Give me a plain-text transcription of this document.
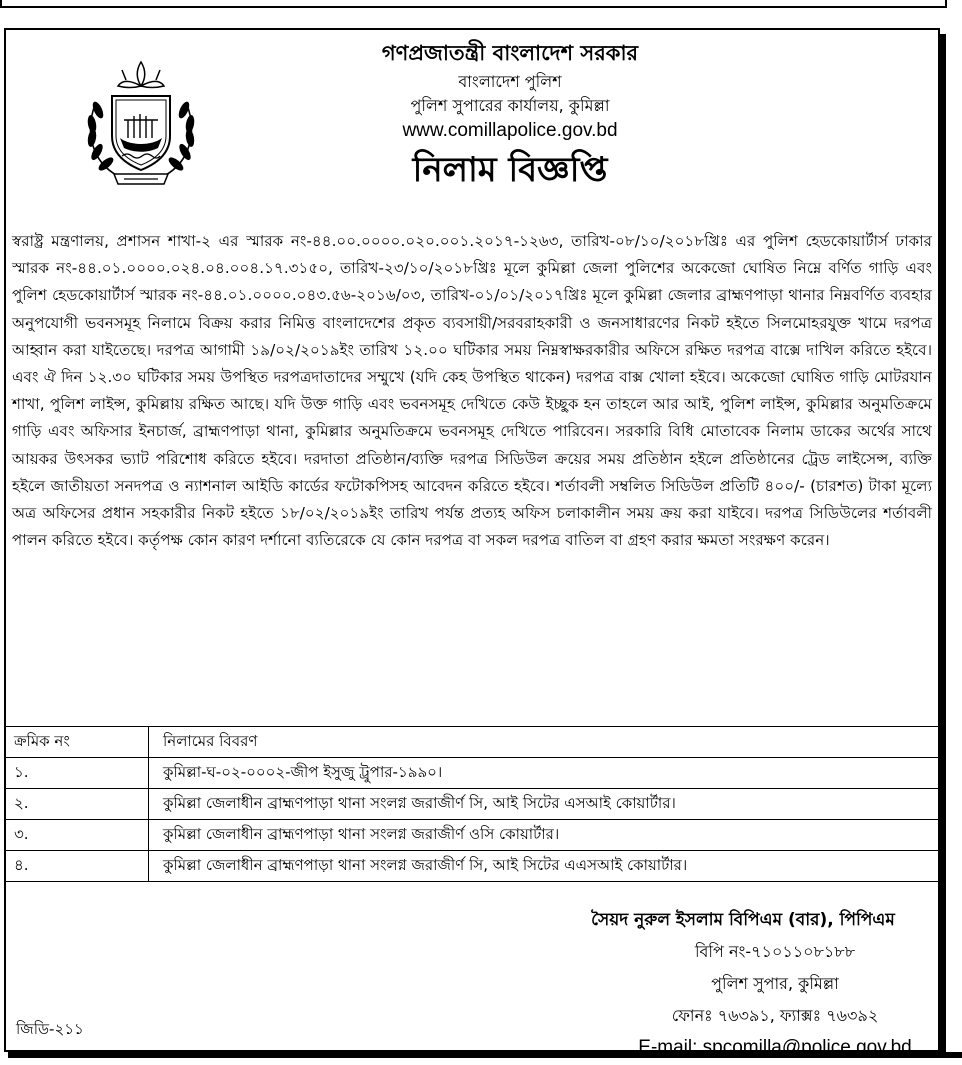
গণপ্রজাতন্ত্রী বাংলাদেশ সরকার
বাংলাদেশ পুলিশ
পুলিশ সুপারের কার্যালয়, কুমিল্লা
www.comillapolice.gov.bd
নিলাম বিজ্ঞপ্তি
স্বরাষ্ট্র মন্ত্রণালয়, প্রশাসন শাখা-২ এর স্মারক নং-৪৪.০০.০০০০.০২০.০০১.২০১৭-১২৬৩, তারিখ-০৮/১০/২০১৮খ্রিঃ এর পুলিশ হেডকোয়ার্টার্স ঢাকার স্মারক নং-৪৪.০১.০০০০.০২৪.০৪.০০৪.১৭.৩১৫০, তারিখ-২৩/১০/২০১৮খ্রিঃ মূলে কুমিল্লা জেলা পুলিশের অকেজো ঘোষিত নিম্নে বর্ণিত গাড়ি এবং পুলিশ হেডকোয়ার্টার্স স্মারক নং-৪৪.০১.০০০০.০৪৩.৫৬-২০১৬/০৩, তারিখ-০১/০১/২০১৭খ্রিঃ মূলে কুমিল্লা জেলার ব্রাহ্মণপাড়া থানার নিম্নবর্ণিত ব্যবহার অনুপযোগী ভবনসমূহ নিলামে বিক্রয় করার নিমিত্ত বাংলাদেশের প্রকৃত ব্যবসায়ী/সরবরাহকারী ও জনসাধারণের নিকট হইতে সিলমোহরযুক্ত খামে দরপত্র আহ্বান করা যাইতেছে। দরপত্র আগামী ১৯/০২/২০১৯ইং তারিখ ১২.০০ ঘটিকার সময় নিম্নস্বাক্ষরকারীর অফিসে রক্ষিত দরপত্র বাক্সে দাখিল করিতে হইবে। এবং ঐ দিন ১২.৩০ ঘটিকার সময় উপস্থিত দরপত্রদাতাদের সম্মুখে (যদি কেহ উপস্থিত থাকেন) দরপত্র বাক্স খোলা হইবে। অকেজো ঘোষিত গাড়ি মোটরযান শাখা, পুলিশ লাইন্স, কুমিল্লায় রক্ষিত আছে। যদি উক্ত গাড়ি এবং ভবনসমূহ দেখিতে কেউ ইচ্ছুক হন তাহলে আর আই, পুলিশ লাইন্স, কুমিল্লার অনুমতিক্রমে গাড়ি এবং অফিসার ইনচার্জ, ব্রাহ্মণপাড়া থানা, কুমিল্লার অনুমতিক্রমে ভবনসমূহ দেখিতে পারিবেন। সরকারি বিধি মোতাবেক নিলাম ডাকের অর্থের সাথে আয়কর উৎসকর ভ্যাট পরিশোধ করিতে হইবে। দরদাতা প্রতিষ্ঠান/ব্যক্তি দরপত্র সিডিউল ক্রয়ের সময় প্রতিষ্ঠান হইলে প্রতিষ্ঠানের ট্রেড লাইসেন্স, ব্যক্তি হইলে জাতীয়তা সনদপত্র ও ন্যাশনাল আইডি কার্ডের ফটোকপিসহ আবেদন করিতে হইবে। শর্তাবলী সম্বলিত সিডিউল প্রতিটি ৪০০/- (চারশত) টাকা মূল্যে অত্র অফিসের প্রধান সহকারীর নিকট হইতে ১৮/০২/২০১৯ইং তারিখ পর্যন্ত প্রত্যহ অফিস চলাকালীন সময় ক্রয় করা যাইবে। দরপত্র সিডিউলের শর্তাবলী পালন করিতে হইবে। কর্তৃপক্ষ কোন কারণ দর্শানো ব্যতিরেকে যে কোন দরপত্র বা সকল দরপত্র বাতিল বা গ্রহণ করার ক্ষমতা সংরক্ষণ করেন।
ক্রমিক নং	নিলামের বিবরণ
১.	কুমিল্লা-ঘ-০২-০০০২-জীপ ইসুজু ট্রুপার-১৯৯০।
২.	কুমিল্লা জেলাধীন ব্রাহ্মণপাড়া থানা সংলগ্ন জরাজীর্ণ সি, আই সিটের এসআই কোয়ার্টার।
৩.	কুমিল্লা জেলাধীন ব্রাহ্মণপাড়া থানা সংলগ্ন জরাজীর্ণ ওসি কোয়ার্টার।
৪.	কুমিল্লা জেলাধীন ব্রাহ্মণপাড়া থানা সংলগ্ন জরাজীর্ণ সি, আই সিটের এএসআই কোয়ার্টার।
সৈয়দ নুরুল ইসলাম বিপিএম (বার), পিপিএম
বিপি নং-৭১০১১০৮১৮৮
পুলিশ সুপার, কুমিল্লা
ফোনঃ ৭৬৩৯১, ফ্যাক্সঃ ৭৬৩৯২
E-mail: spcomilla@police.gov.bd
জিডি-২১১
